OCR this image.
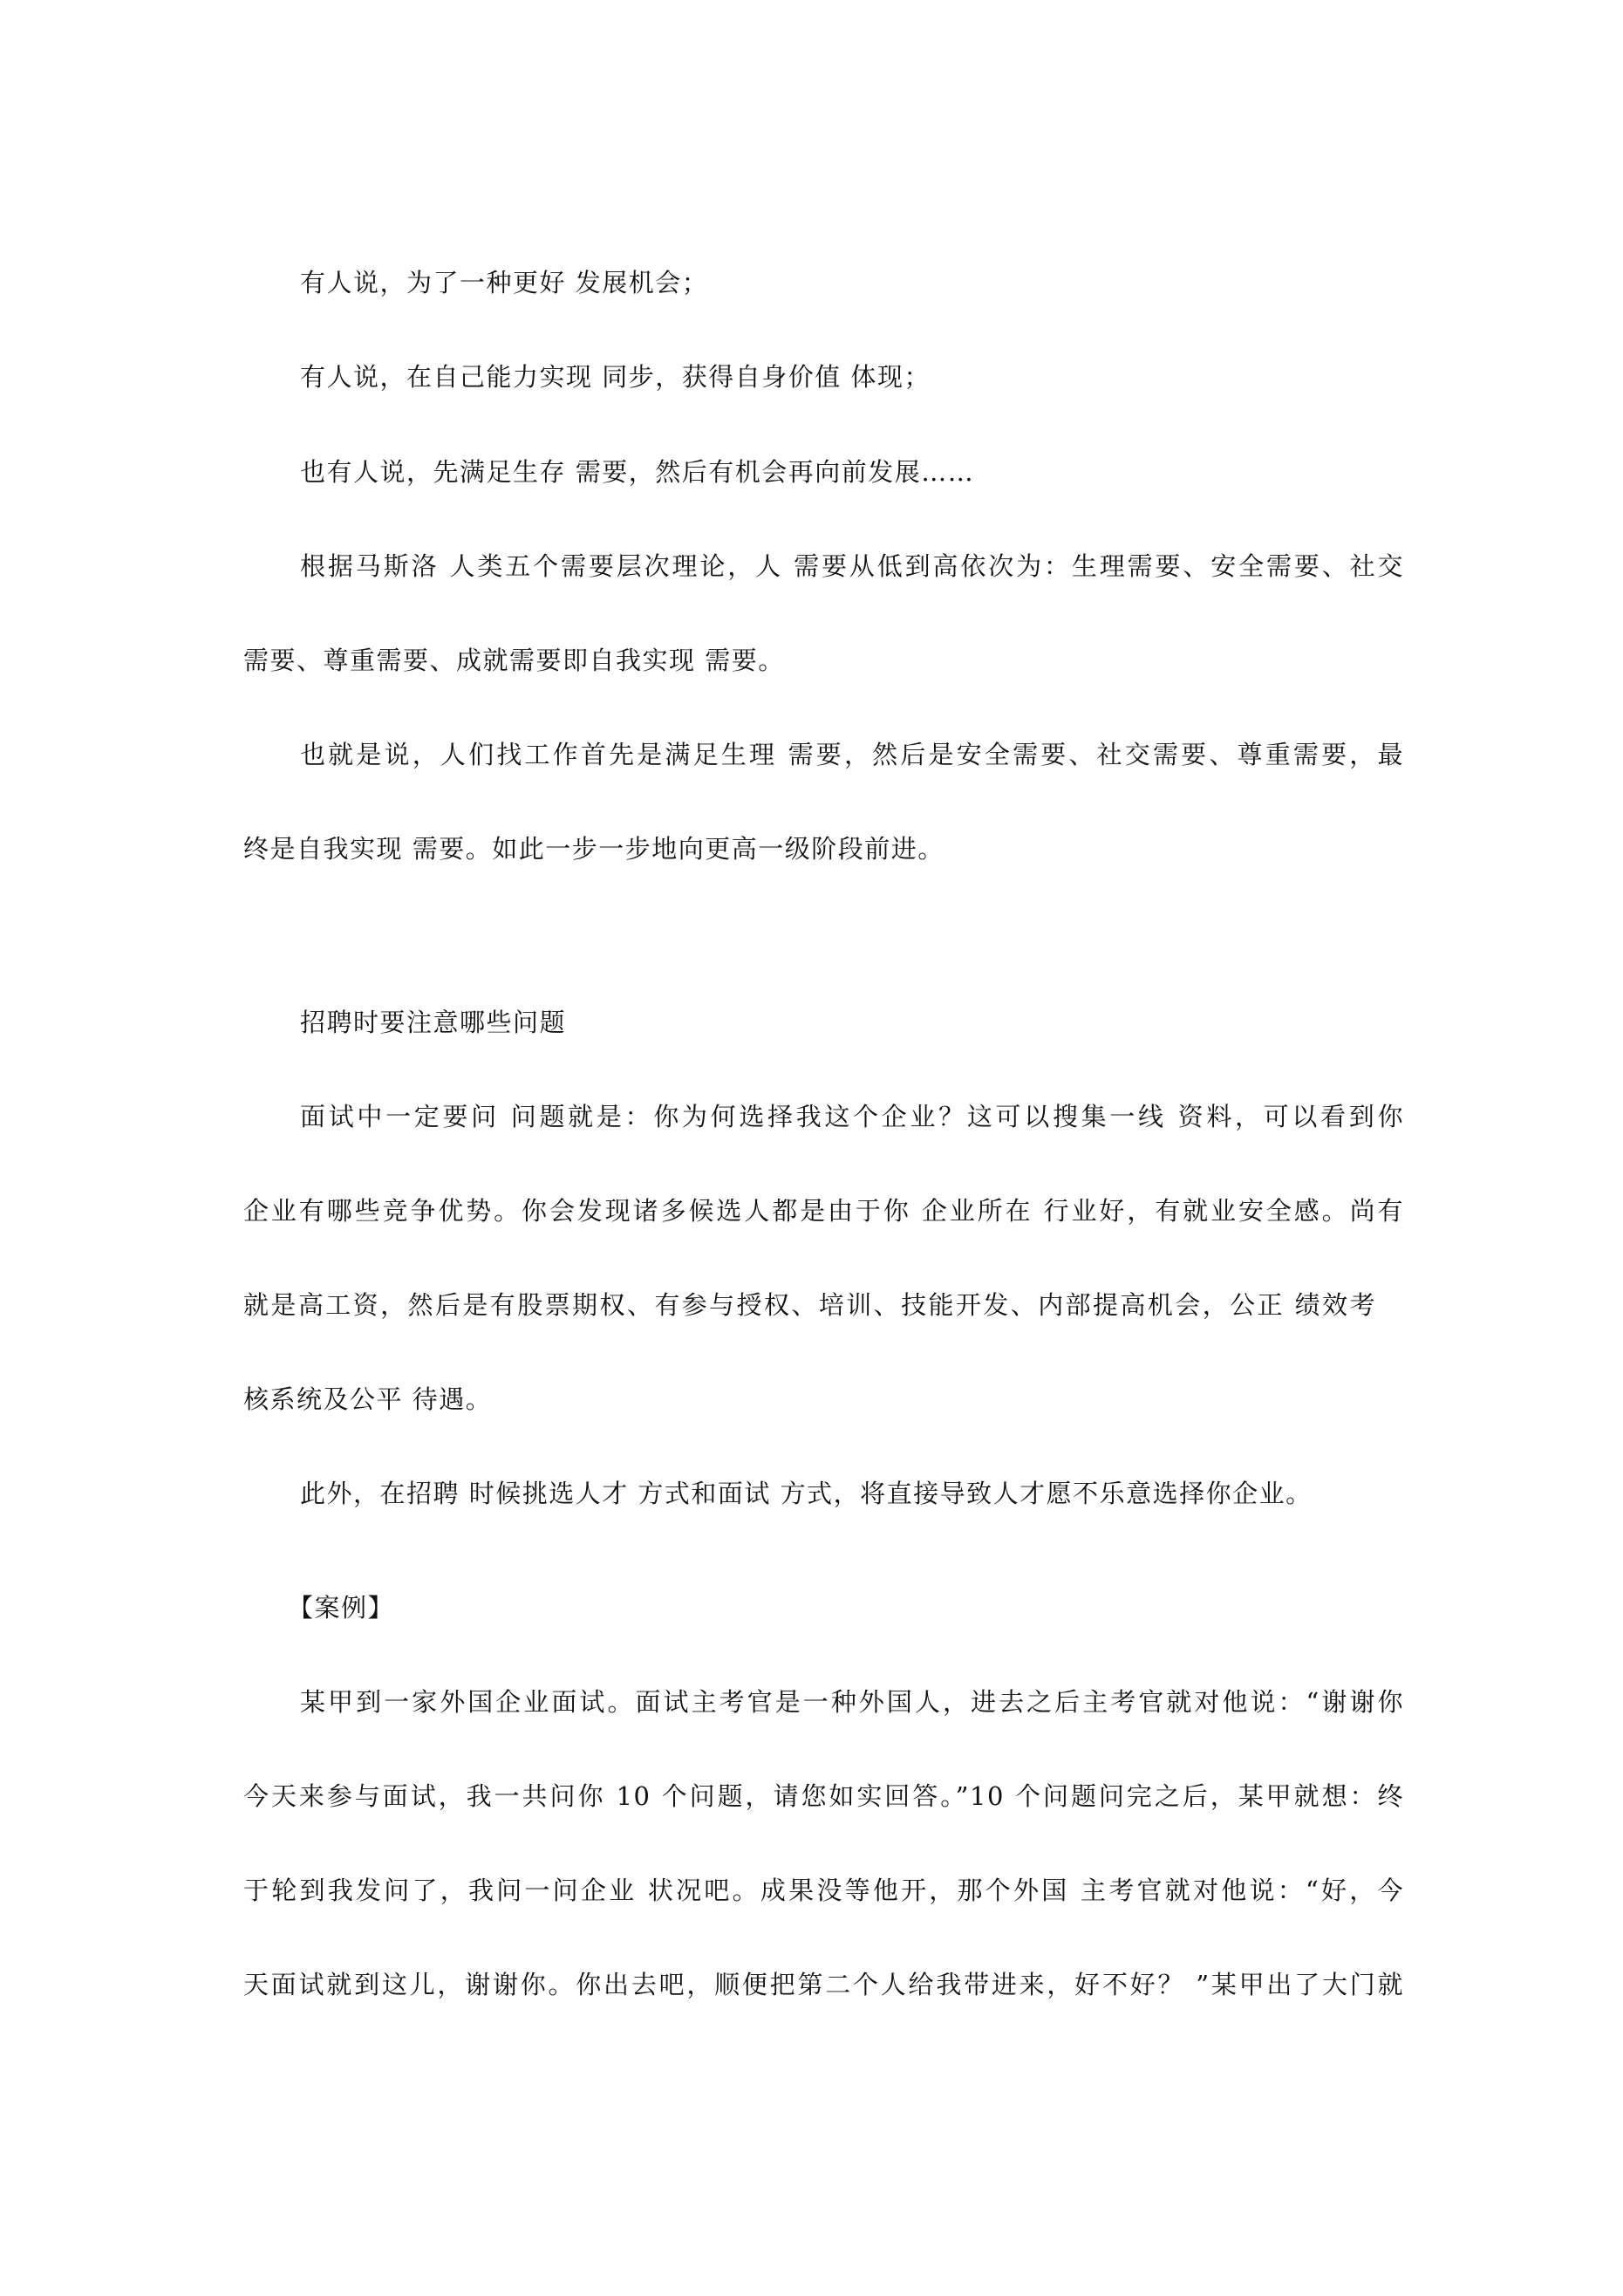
有人说，为了一种更好 发展机会；
有人说，在自己能力实现 同步，获得自身价值 体现；
也有人说，先满足生存 需要，然后有机会再向前发展……
根据马斯洛 人类五个需要层次理论，人 需要从低到高依次为：生理需要、安全需要、社交
需要、尊重需要、成就需要即自我实现 需要。
也就是说，人们找工作首先是满足生理 需要，然后是安全需要、社交需要、尊重需要，最
终是自我实现 需要。如此一步一步地向更高一级阶段前进。
招聘时要注意哪些问题
面试中一定要问 问题就是：你为何选择我这个企业？这可以搜集一线 资料，可以看到你
企业有哪些竞争优势。你会发现诸多候选人都是由于你 企业所在 行业好，有就业安全感。尚有
就是高工资，然后是有股票期权、有参与授权、培训、技能开发、内部提高机会，公正 绩效考
核系统及公平 待遇。
此外，在招聘 时候挑选人才 方式和面试 方式，将直接导致人才愿不乐意选择你企业。
【案例】
某甲到一家外国企业面试。面试主考官是一种外国人，进去之后主考官就对他说：“谢谢你
今天来参与面试，我一共问你 10 个问题，请您如实回答。”10 个问题问完之后，某甲就想：终
于轮到我发问了，我问一问企业 状况吧。成果没等他开，那个外国 主考官就对他说：“好，今
天面试就到这儿，谢谢你。你出去吧，顺便把第二个人给我带进来，好不好？ ”某甲出了大门就
